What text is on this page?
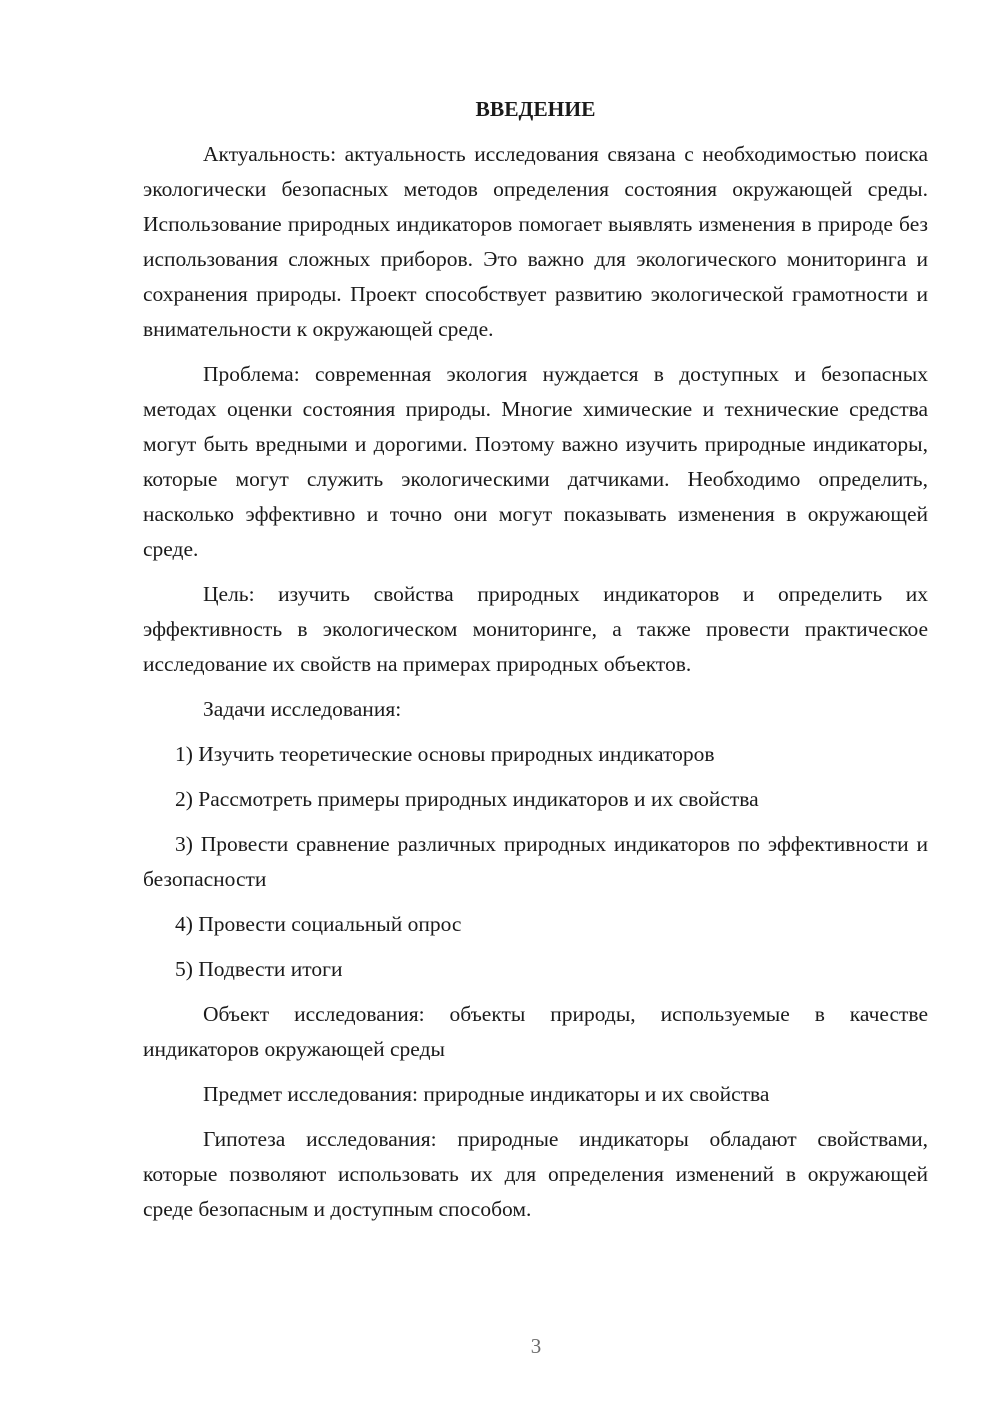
ВВЕДЕНИЕ

Актуальность: актуальность исследования связана с необходимостью поиска экологически безопасных методов определения состояния окружающей среды. Использование природных индикаторов помогает выявлять изменения в природе без использования сложных приборов. Это важно для экологического мониторинга и сохранения природы. Проект способствует развитию экологической грамотности и внимательности к окружающей среде.

Проблема: современная экология нуждается в доступных и безопасных методах оценки состояния природы. Многие химические и технические средства могут быть вредными и дорогими. Поэтому важно изучить природные индикаторы, которые могут служить экологическими датчиками. Необходимо определить, насколько эффективно и точно они могут показывать изменения в окружающей среде.

Цель: изучить свойства природных индикаторов и определить их эффективность в экологическом мониторинге, а также провести практическое исследование их свойств на примерах природных объектов.

Задачи исследования:

1) Изучить теоретические основы природных индикаторов

2) Рассмотреть примеры природных индикаторов и их свойства

3) Провести сравнение различных природных индикаторов по эффективности и безопасности

4) Провести социальный опрос

5) Подвести итоги

Объект исследования: объекты природы, используемые в качестве индикаторов окружающей среды

Предмет исследования: природные индикаторы и их свойства

Гипотеза исследования: природные индикаторы обладают свойствами, которые позволяют использовать их для определения изменений в окружающей среде безопасным и доступным способом.

3
